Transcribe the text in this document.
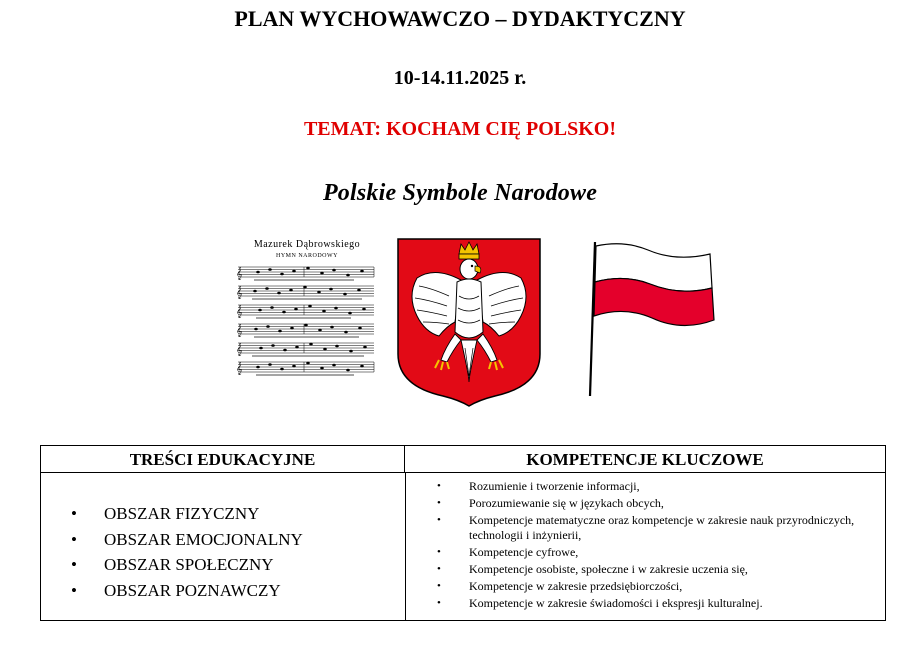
PLAN WYCHOWAWCZO – DYDAKTYCZNY
10-14.11.2025 r.
TEMAT: KOCHAM CIĘ POLSKO!
Polskie Symbole Narodowe
Mazurek Dąbrowskiego
HYMN NARODOWY
𝄞
𝄞
𝄞
𝄞
𝄞
𝄞
TREŚCI EDUKACYJNE	KOMPETENCJE KLUCZOWE
• OBSZAR FIZYCZNY
• OBSZAR EMOCJONALNY
• OBSZAR SPOŁECZNY
• OBSZAR POZNAWCZY
• Rozumienie i tworzenie informacji,
• Porozumiewanie się w językach obcych,
• Kompetencje matematyczne oraz kompetencje w zakresie nauk przyrodniczych, technologii i inżynierii,
• Kompetencje cyfrowe,
• Kompetencje osobiste, społeczne i w zakresie uczenia się,
• Kompetencje w zakresie przedsiębiorczości,
• Kompetencje w zakresie świadomości i ekspresji kulturalnej.
